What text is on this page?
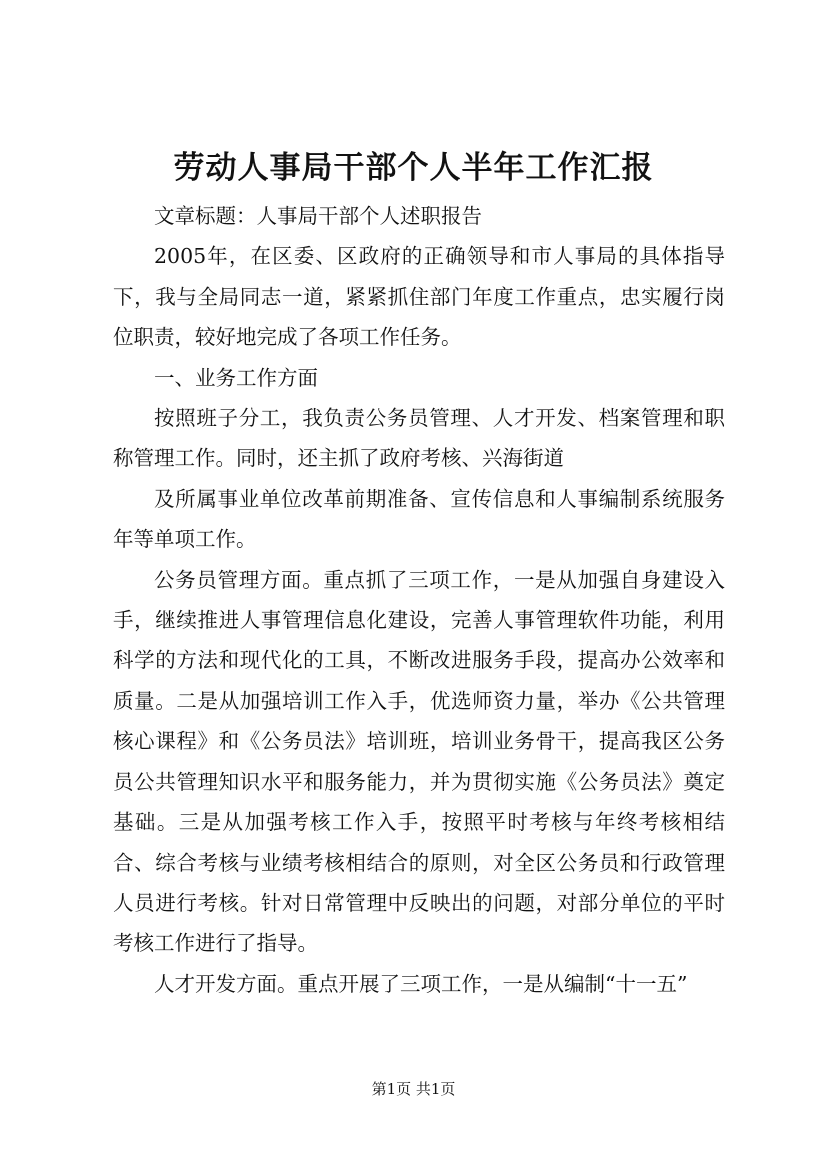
劳动人事局干部个人半年工作汇报

文章标题：人事局干部个人述职报告

2005年，在区委、区政府的正确领导和市人事局的具体指导下，我与全局同志一道，紧紧抓住部门年度工作重点，忠实履行岗位职责，较好地完成了各项工作任务。

一、业务工作方面

按照班子分工，我负责公务员管理、人才开发、档案管理和职称管理工作。同时，还主抓了政府考核、兴海街道

及所属事业单位改革前期准备、宣传信息和人事编制系统服务年等单项工作。

公务员管理方面。重点抓了三项工作，一是从加强自身建设入手，继续推进人事管理信息化建设，完善人事管理软件功能，利用科学的方法和现代化的工具，不断改进服务手段，提高办公效率和质量。二是从加强培训工作入手，优选师资力量，举办《公共管理核心课程》和《公务员法》培训班，培训业务骨干，提高我区公务员公共管理知识水平和服务能力，并为贯彻实施《公务员法》奠定基础。三是从加强考核工作入手，按照平时考核与年终考核相结合、综合考核与业绩考核相结合的原则，对全区公务员和行政管理人员进行考核。针对日常管理中反映出的问题，对部分单位的平时考核工作进行了指导。

人才开发方面。重点开展了三项工作，一是从编制“十一五”

第1页 共1页
